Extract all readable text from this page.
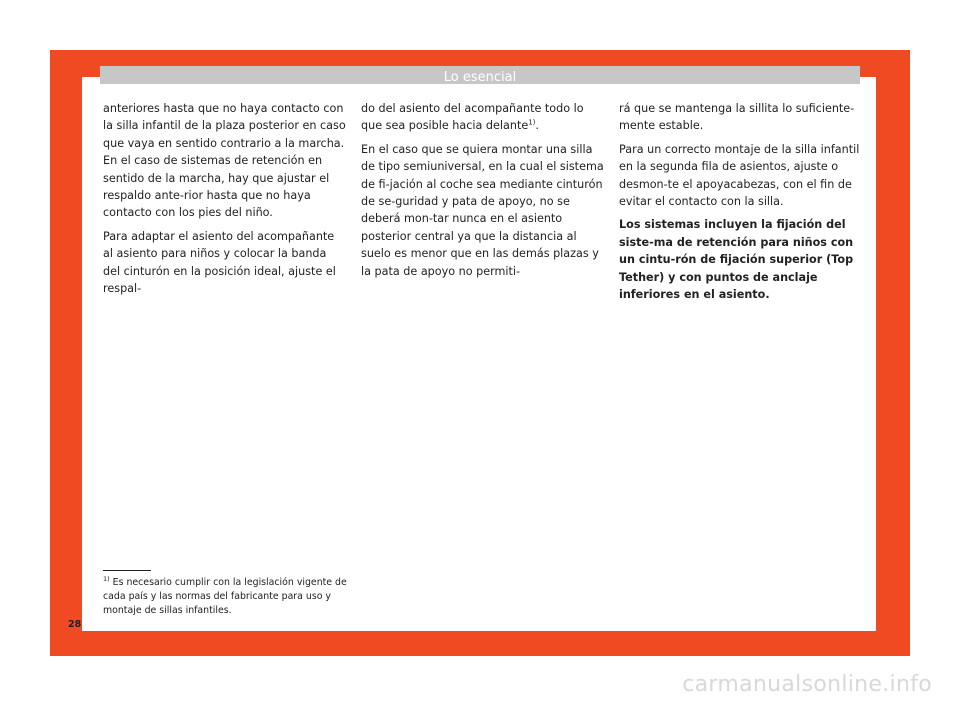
Lo esencial

anteriores hasta que no haya contacto con la silla infantil de la plaza posterior en caso que vaya en sentido contrario a la marcha. En el caso de sistemas de retención en sentido de la marcha, hay que ajustar el respaldo ante-rior hasta que no haya contacto con los pies del niño.

Para adaptar el asiento del acompañante al asiento para niños y colocar la banda del cinturón en la posición ideal, ajuste el respal-

do del asiento del acompañante todo lo que sea posible hacia delante$^{1)}$.

En el caso que se quiera montar una silla de tipo semiuniversal, en la cual el sistema de fi-jación al coche sea mediante cinturón de se-guridad y pata de apoyo, no se deberá mon-tar nunca en el asiento posterior central ya que la distancia al suelo es menor que en las demás plazas y la pata de apoyo no permiti-

rá que se mantenga la sillita lo suficiente-mente estable.

Para un correcto montaje de la silla infantil en la segunda fila de asientos, ajuste o desmon-te el apoyacabezas, con el fin de evitar el contacto con la silla.

Los sistemas incluyen la fijación del siste-ma de retención para niños con un cintu-rón de fijación superior (Top Tether) y con puntos de anclaje inferiores en el asiento.

$^{1)}$ Es necesario cumplir con la legislación vigente de cada país y las normas del fabricante para uso y montaje de sillas infantiles.
28
carmanualsonline.info
